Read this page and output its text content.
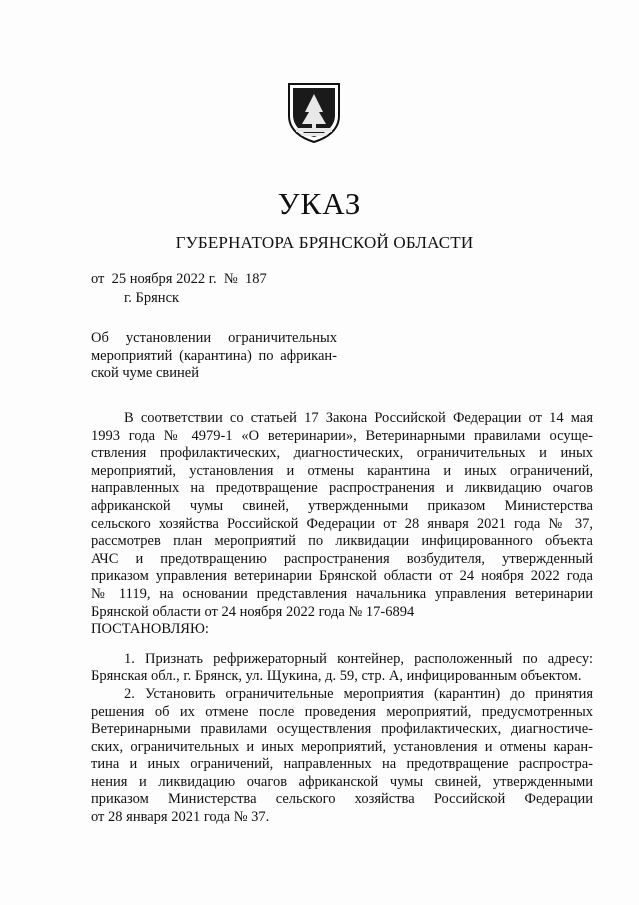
УКАЗ
ГУБЕРНАТОРА БРЯНСКОЙ ОБЛАСТИ
от  25 ноября 2022 г.  №  187
г. Брянск
Об установлении ограничительных
мероприятий (карантина) по африкан-
ской чуме свиней
В соответствии со статьей 17 Закона Российской Федерации от 14 мая
1993 года № 4979-1 «О ветеринарии», Ветеринарными правилами осуще-
ствления профилактических, диагностических, ограничительных и иных
мероприятий, установления и отмены карантина и иных ограничений,
направленных на предотвращение распространения и ликвидацию очагов
африканской чумы свиней, утвержденными приказом Министерства
сельского хозяйства Российской Федерации от 28 января 2021 года № 37,
рассмотрев план мероприятий по ликвидации инфицированного объекта
АЧС и предотвращению распространения возбудителя, утвержденный
приказом управления ветеринарии Брянской области от 24 ноября 2022 года
№ 1119, на основании представления начальника управления ветеринарии
Брянской области от 24 ноября 2022 года № 17-6894
ПОСТАНОВЛЯЮ:
1. Признать рефрижераторный контейнер, расположенный по адресу:
Брянская обл., г. Брянск, ул. Щукина, д. 59, стр. А, инфицированным объектом.
2. Установить ограничительные мероприятия (карантин) до принятия
решения об их отмене после проведения мероприятий, предусмотренных
Ветеринарными правилами осуществления профилактических, диагностиче-
ских, ограничительных и иных мероприятий, установления и отмены каран-
тина и иных ограничений, направленных на предотвращение распростра-
нения и ликвидацию очагов африканской чумы свиней, утвержденными
приказом Министерства сельского хозяйства Российской Федерации
от 28 января 2021 года № 37.
